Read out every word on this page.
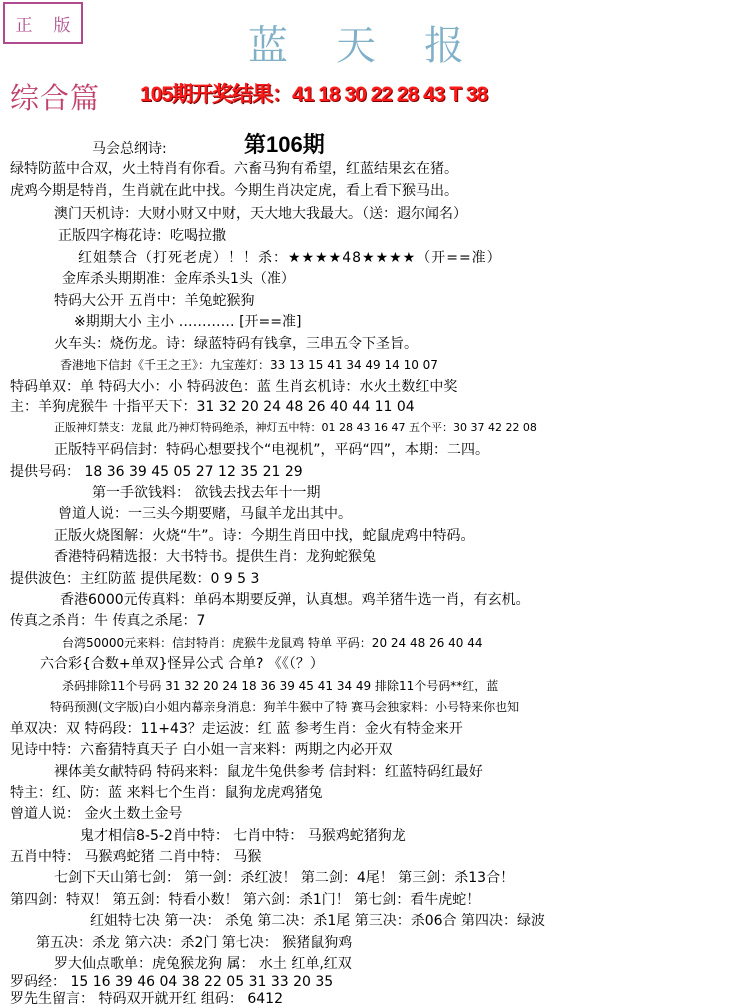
正 版	蓝天报
综合篇 105期开奖结果：41 18 30 22 28 43 T 38
第106期
马会总纲诗:
绿特防蓝中合双，火土特肖有你看。六畜马狗有希望，红蓝结果玄在猪。
虎鸡今期是特肖，生肖就在此中找。今期生肖决定虎，看上看下猴马出。
澳门天机诗：大财小财又中财，天大地大我最大。（送：遐尔闻名）
正版四字梅花诗：吃喝拉撒
红姐禁合（打死老虎）！！杀：★★★★48★★★★（开==准）
金库杀头期期准：金库杀头1头（准）
特码大公开 五肖中：羊兔蛇猴狗
※期期大小 主小 ………… [开==准]
火车头：烧伤龙。诗：绿蓝特码有钱拿，三串五令下圣旨。
香港地下信封《千王之王》：九宝莲灯：33 13 15 41 34 49 14 10 07
特码单双：单 特码大小：小 特码波色：蓝 生肖玄机诗：水火土数红中奖
主：羊狗虎猴牛 十指平天下：31 32 20 24 48 26 40 44 11 04
正版神灯禁支：龙鼠 此乃神灯特码绝杀，神灯五中特：01 28 43 16 47 五个平：30 37 42 22 08
正版特平码信封：特码心想要找个“电视机”，平码“四”，本期：二四。
提供号码： 18 36 39 45 05 27 12 35 21 29
第一手欲钱料： 欲钱去找去年十一期
曾道人说：一三头今期要赌，马鼠羊龙出其中。
正版火烧图解：火烧“牛”。诗：今期生肖田中找，蛇鼠虎鸡中特码。
香港特码精选报：大书特书。提供生肖：龙狗蛇猴兔
提供波色：主红防蓝 提供尾数：0 9 5 3
香港6000元传真料：单码本期要反弹，认真想。鸡羊猪牛选一肖，有玄机。
传真之杀肖：牛 传真之杀尾：7
台湾50000元来料：信封特肖：虎猴牛龙鼠鸡 特单 平码：20 24 48 26 40 44
六合彩{合数+单双}怪异公式 合单? 《《（？）
杀码排除11个号码 31 32 20 24 18 36 39 45 41 34 49 排除11个号码**红，蓝
特码预测(文字版)白小姐内幕亲身消息：狗羊牛猴中了特 赛马会独家料：小号特来你也知
单双决：双 特码段：11+43？走运波：红 蓝 参考生肖：金火有特金来开
见诗中特：六畜猜特真天子 白小姐一言来料：两期之内必开双
裸体美女献特码 特码来料：鼠龙牛兔供参考 信封料：红蓝特码红最好
特主：红、防：蓝 来料七个生肖：鼠狗龙虎鸡猪兔
曾道人说： 金火土数土金号
鬼才相信8-5-2肖中特： 七肖中特： 马猴鸡蛇猪狗龙
五肖中特： 马猴鸡蛇猪 二肖中特： 马猴
七剑下天山第七剑： 第一剑：杀红波！ 第二剑：4尾！ 第三剑：杀13合！
第四剑：特双！ 第五剑：特看小数！ 第六剑：杀1门！ 第七剑：看牛虎蛇！
红姐特七决 第一决： 杀兔 第二决：杀1尾 第三决：杀06合 第四决：绿波
第五决：杀龙 第六决：杀2门 第七决： 猴猪鼠狗鸡
罗大仙点歌单：虎兔猴龙狗 属： 水土 红单,红双
罗码经： 15 16 39 46 04 38 22 05 31 33 20 35
罗先生留言： 特码双开就开红 组码： 6412
